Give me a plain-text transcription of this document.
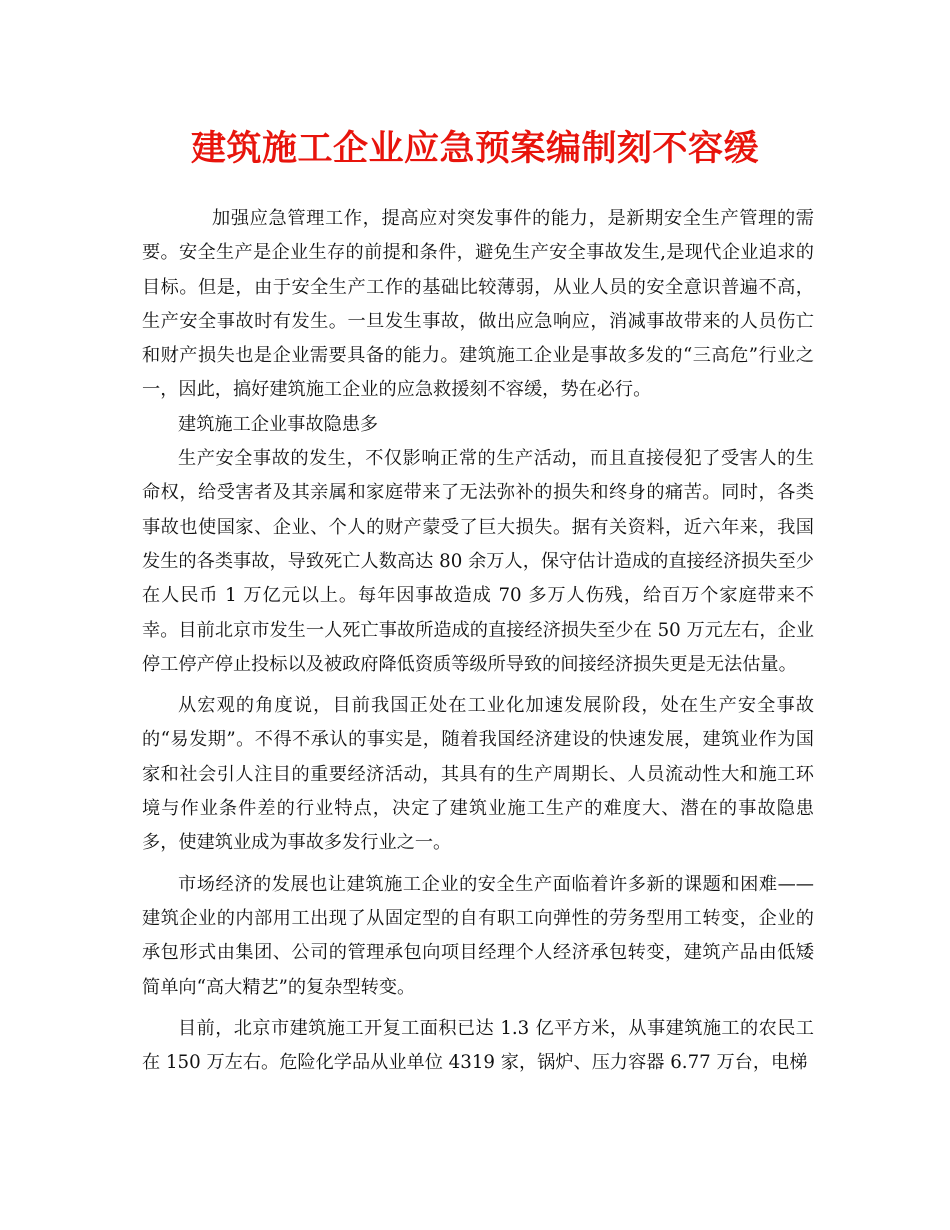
建筑施工企业应急预案编制刻不容缓

加强应急管理工作，提高应对突发事件的能力，是新期安全生产管理的需要。安全生产是企业生存的前提和条件，避免生产安全事故发生,是现代企业追求的目标。但是，由于安全生产工作的基础比较薄弱，从业人员的安全意识普遍不高，生产安全事故时有发生。一旦发生事故，做出应急响应，消减事故带来的人员伤亡和财产损失也是企业需要具备的能力。建筑施工企业是事故多发的“三高危”行业之一，因此，搞好建筑施工企业的应急救援刻不容缓，势在必行。

建筑施工企业事故隐患多

生产安全事故的发生，不仅影响正常的生产活动，而且直接侵犯了受害人的生命权，给受害者及其亲属和家庭带来了无法弥补的损失和终身的痛苦。同时，各类事故也使国家、企业、个人的财产蒙受了巨大损失。据有关资料，近六年来，我国发生的各类事故，导致死亡人数高达 80 余万人，保守估计造成的直接经济损失至少在人民币 1 万亿元以上。每年因事故造成 70 多万人伤残，给百万个家庭带来不幸。目前北京市发生一人死亡事故所造成的直接经济损失至少在 50 万元左右，企业停工停产停止投标以及被政府降低资质等级所导致的间接经济损失更是无法估量。

从宏观的角度说，目前我国正处在工业化加速发展阶段，处在生产安全事故的“易发期”。不得不承认的事实是，随着我国经济建设的快速发展，建筑业作为国家和社会引人注目的重要经济活动，其具有的生产周期长、人员流动性大和施工环境与作业条件差的行业特点，决定了建筑业施工生产的难度大、潜在的事故隐患多，使建筑业成为事故多发行业之一。

市场经济的发展也让建筑施工企业的安全生产面临着许多新的课题和困难——建筑企业的内部用工出现了从固定型的自有职工向弹性的劳务型用工转变，企业的承包形式由集团、公司的管理承包向项目经理个人经济承包转变，建筑产品由低矮简单向“高大精艺”的复杂型转变。

目前，北京市建筑施工开复工面积已达 1.3 亿平方米，从事建筑施工的农民工在 150 万左右。危险化学品从业单位 4319 家，锅炉、压力容器 6.77 万台，电梯
